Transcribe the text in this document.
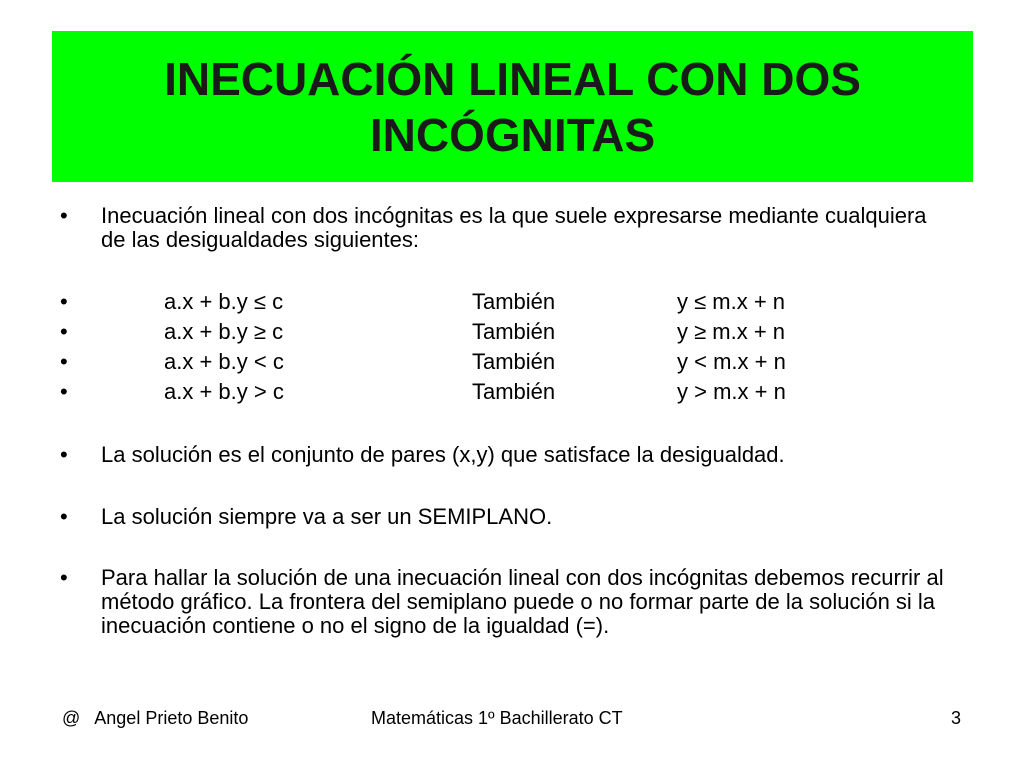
INECUACIÓN LINEAL CON DOS INCÓGNITAS
• Inecuación lineal con dos incógnitas es la que suele expresarse mediante cualquiera de las desigualdades siguientes:
•	a.x + b.y ≤ c	También	y ≤ m.x + n
•	a.x + b.y ≥ c	También	y ≥ m.x + n
•	a.x + b.y < c	También	y < m.x + n
•	a.x + b.y > c	También	y > m.x + n
• La solución es el conjunto de pares (x,y) que satisface la desigualdad.
• La solución siempre va a ser un SEMIPLANO.
• Para hallar la solución de una inecuación lineal con dos incógnitas debemos recurrir al método gráfico. La frontera del semiplano puede o no formar parte de la solución si la inecuación contiene o no el signo de la igualdad (=).
@   Angel Prieto Benito	Matemáticas 1º Bachillerato CT	3
